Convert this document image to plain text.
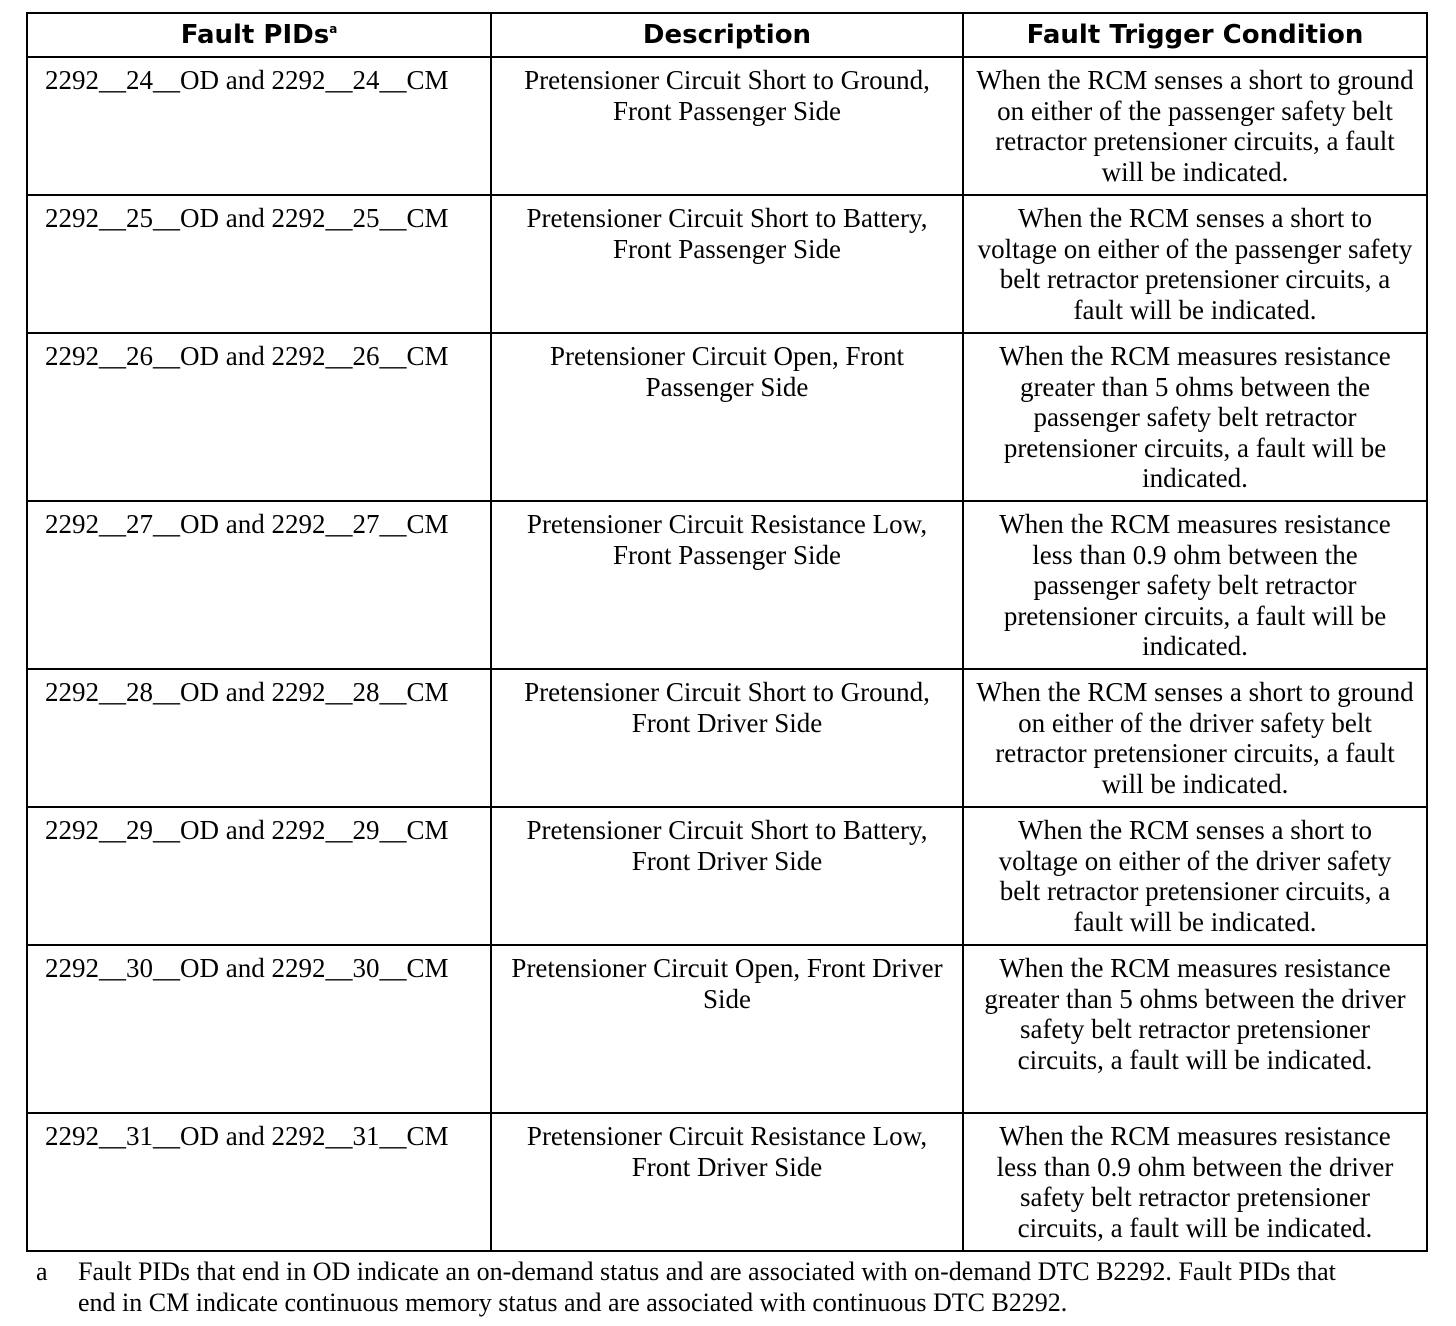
Fault PIDs$^a$	Description	Fault Trigger Condition
2292__24__OD and 2292__24__CM	Pretensioner Circuit Short to Ground, Front Passenger Side	When the RCM senses a short to ground on either of the passenger safety belt retractor pretensioner circuits, a fault will be indicated.
2292__25__OD and 2292__25__CM	Pretensioner Circuit Short to Battery, Front Passenger Side	When the RCM senses a short to voltage on either of the passenger safety belt retractor pretensioner circuits, a fault will be indicated.
2292__26__OD and 2292__26__CM	Pretensioner Circuit Open, Front Passenger Side	When the RCM measures resistance greater than 5 ohms between the passenger safety belt retractor pretensioner circuits, a fault will be indicated.
2292__27__OD and 2292__27__CM	Pretensioner Circuit Resistance Low, Front Passenger Side	When the RCM measures resistance less than 0.9 ohm between the passenger safety belt retractor pretensioner circuits, a fault will be indicated.
2292__28__OD and 2292__28__CM	Pretensioner Circuit Short to Ground, Front Driver Side	When the RCM senses a short to ground on either of the driver safety belt retractor pretensioner circuits, a fault will be indicated.
2292__29__OD and 2292__29__CM	Pretensioner Circuit Short to Battery, Front Driver Side	When the RCM senses a short to voltage on either of the driver safety belt retractor pretensioner circuits, a fault will be indicated.
2292__30__OD and 2292__30__CM	Pretensioner Circuit Open, Front Driver Side	When the RCM measures resistance greater than 5 ohms between the driver safety belt retractor pretensioner circuits, a fault will be indicated.
2292__31__OD and 2292__31__CM	Pretensioner Circuit Resistance Low, Front Driver Side	When the RCM measures resistance less than 0.9 ohm between the driver safety belt retractor pretensioner circuits, a fault will be indicated.
a Fault PIDs that end in OD indicate an on-demand status and are associated with on-demand DTC B2292. Fault PIDs that end in CM indicate continuous memory status and are associated with continuous DTC B2292.
